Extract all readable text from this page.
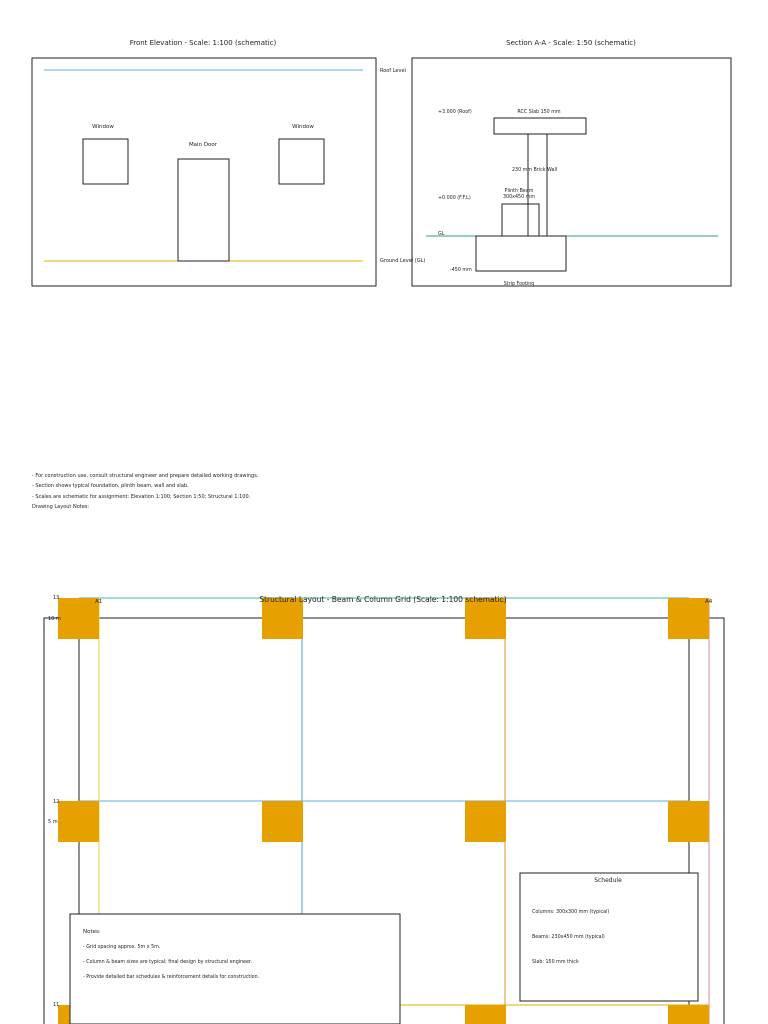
Front Elevation - Scale: 1:100 (schematic)
Roof Level
Ground Level (GL)
Window
Main Door
Window
Section A-A - Scale: 1:50 (schematic)
+3.000 (Roof)	RCC Slab 150 mm
230 mm Brick Wall
Plinth Beam
300x450 mm
+0.000 (F.F.L)
GL
-450 mm
Strip Footing
Structural Layout - Beam & Column Grid (Scale: 1:100 schematic)
A1	A4
13
12
11
10 m
5 m
Notes:
- Grid spacing approx. 5m x 5m.
- Column & beam sizes are typical; final design by structural engineer.
- Provide detailed bar schedules & reinforcement details for construction.
Schedule
Columns: 300x300 mm (typical)
Beams: 230x450 mm (typical)
Slab: 150 mm thick
- For construction use, consult structural engineer and prepare detailed working drawings.
- Section shows typical foundation, plinth beam, wall and slab.
- Scales are schematic for assignment: Elevation 1:100; Section 1:50; Structural 1:100.
Drawing Layout Notes:
